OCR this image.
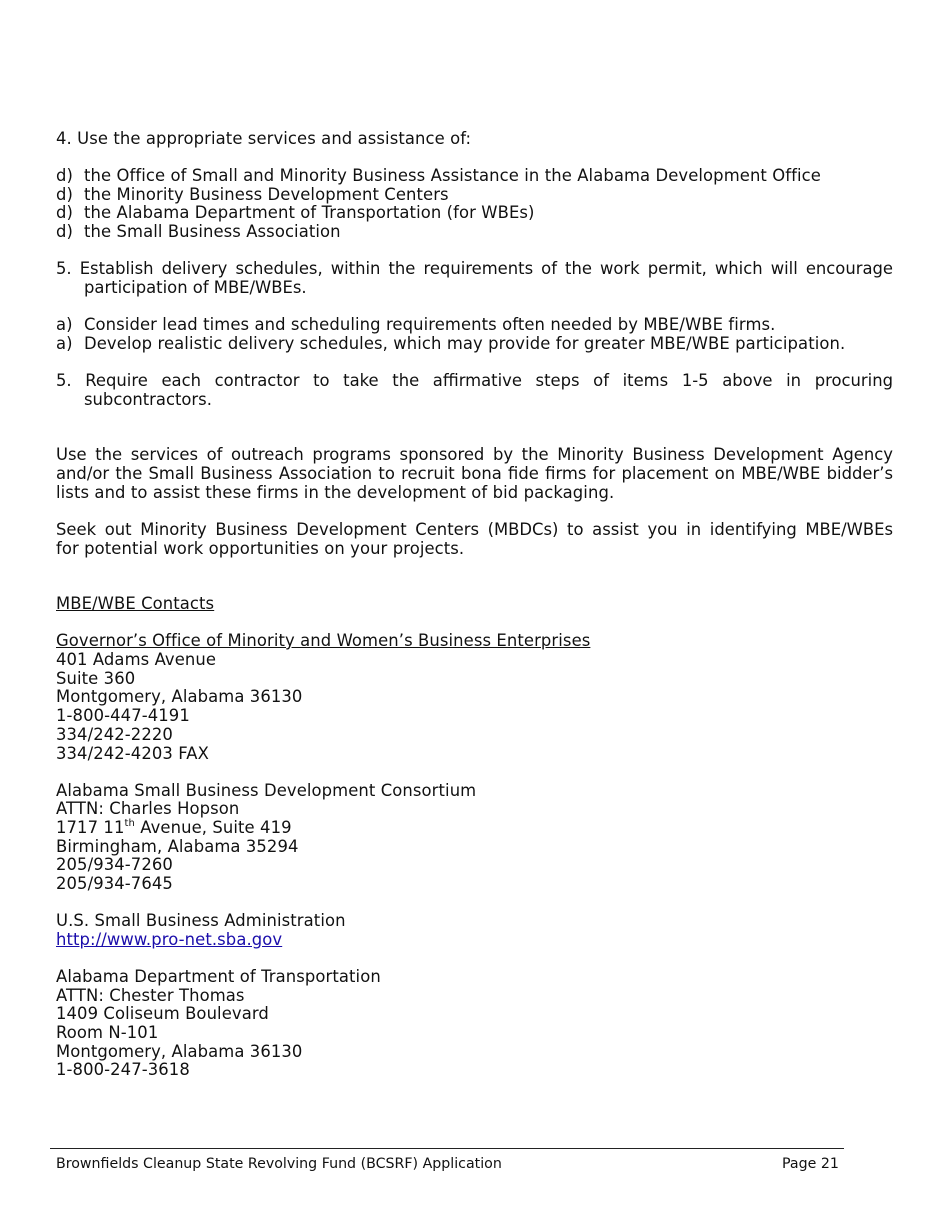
4. Use the appropriate services and assistance of:
d) the Office of Small and Minority Business Assistance in the Alabama Development Office
d) the Minority Business Development Centers
d) the Alabama Department of Transportation (for WBEs)
d) the Small Business Association
5. Establish delivery schedules, within the requirements of the work permit, which will encourage
participation of MBE/WBEs.
a) Consider lead times and scheduling requirements often needed by MBE/WBE firms.
a) Develop realistic delivery schedules, which may provide for greater MBE/WBE participation.
5. Require each contractor to take the affirmative steps of items 1-5 above in procuring
subcontractors.
Use the services of outreach programs sponsored by the Minority Business Development Agency
and/or the Small Business Association to recruit bona fide firms for placement on MBE/WBE bidder’s
lists and to assist these firms in the development of bid packaging.
Seek out Minority Business Development Centers (MBDCs) to assist you in identifying MBE/WBEs
for potential work opportunities on your projects.
MBE/WBE Contacts
Governor’s Office of Minority and Women’s Business Enterprises
401 Adams Avenue
Suite 360
Montgomery, Alabama 36130
1-800-447-4191
334/242-2220
334/242-4203 FAX
Alabama Small Business Development Consortium
ATTN: Charles Hopson
1717 11th Avenue, Suite 419
Birmingham, Alabama 35294
205/934-7260
205/934-7645
U.S. Small Business Administration
http://www.pro-net.sba.gov
Alabama Department of Transportation
ATTN: Chester Thomas
1409 Coliseum Boulevard
Room N-101
Montgomery, Alabama 36130
1-800-247-3618
Brownfields Cleanup State Revolving Fund (BCSRF) Application	Page 21
